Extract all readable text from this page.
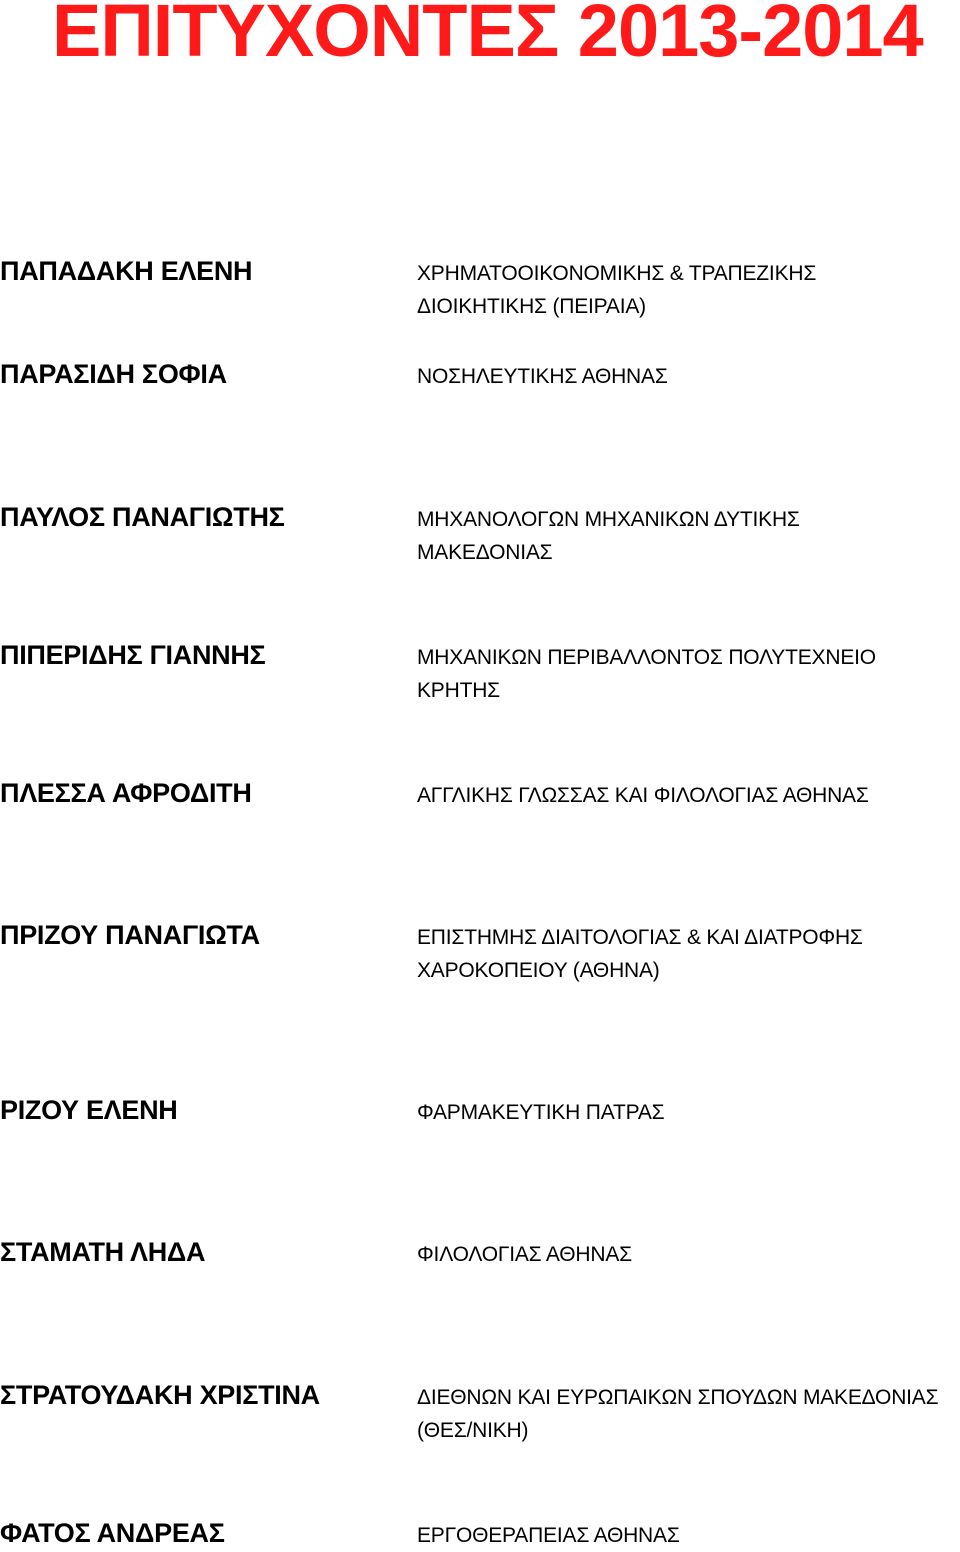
ΕΠΙΤΥΧΟΝΤΕΣ 2013-2014
ΠΑΠΑΔΑΚΗ ΕΛΕΝΗ	ΧΡΗΜΑΤΟΟΙΚΟΝΟΜΙΚΗΣ & ΤΡΑΠΕΖΙΚΗΣ
ΔΙΟΙΚΗΤΙΚΗΣ (ΠΕΙΡΑΙΑ)
ΠΑΡΑΣΙΔΗ ΣΟΦΙΑ	ΝΟΣΗΛΕΥΤΙΚΗΣ ΑΘΗΝΑΣ
ΠΑΥΛΟΣ ΠΑΝΑΓΙΩΤΗΣ	ΜΗΧΑΝΟΛΟΓΩΝ ΜΗΧΑΝΙΚΩΝ ΔΥΤΙΚΗΣ
ΜΑΚΕΔΟΝΙΑΣ
ΠΙΠΕΡΙΔΗΣ ΓΙΑΝΝΗΣ	ΜΗΧΑΝΙΚΩΝ ΠΕΡΙΒΑΛΛΟΝΤΟΣ ΠΟΛΥΤΕΧΝΕΙΟ
ΚΡΗΤΗΣ
ΠΛΕΣΣΑ ΑΦΡΟΔΙΤΗ	ΑΓΓΛΙΚΗΣ ΓΛΩΣΣΑΣ ΚΑΙ ΦΙΛΟΛΟΓΙΑΣ ΑΘΗΝΑΣ
ΠΡΙΖΟΥ ΠΑΝΑΓΙΩΤΑ	ΕΠΙΣΤΗΜΗΣ ΔΙΑΙΤΟΛΟΓΙΑΣ & ΚΑΙ ΔΙΑΤΡΟΦΗΣ
ΧΑΡΟΚΟΠΕΙΟΥ (ΑΘΗΝΑ)
ΡΙΖΟΥ ΕΛΕΝΗ	ΦΑΡΜΑΚΕΥΤΙΚΗ ΠΑΤΡΑΣ
ΣΤΑΜΑΤΗ ΛΗΔΑ	ΦΙΛΟΛΟΓΙΑΣ ΑΘΗΝΑΣ
ΣΤΡΑΤΟΥΔΑΚΗ ΧΡΙΣΤΙΝΑ	ΔΙΕΘΝΩΝ ΚΑΙ ΕΥΡΩΠΑΙΚΩΝ ΣΠΟΥΔΩΝ ΜΑΚΕΔΟΝΙΑΣ
(ΘΕΣ/ΝΙΚΗ)
ΦΑΤΟΣ ΑΝΔΡΕΑΣ	ΕΡΓΟΘΕΡΑΠΕΙΑΣ ΑΘΗΝΑΣ
